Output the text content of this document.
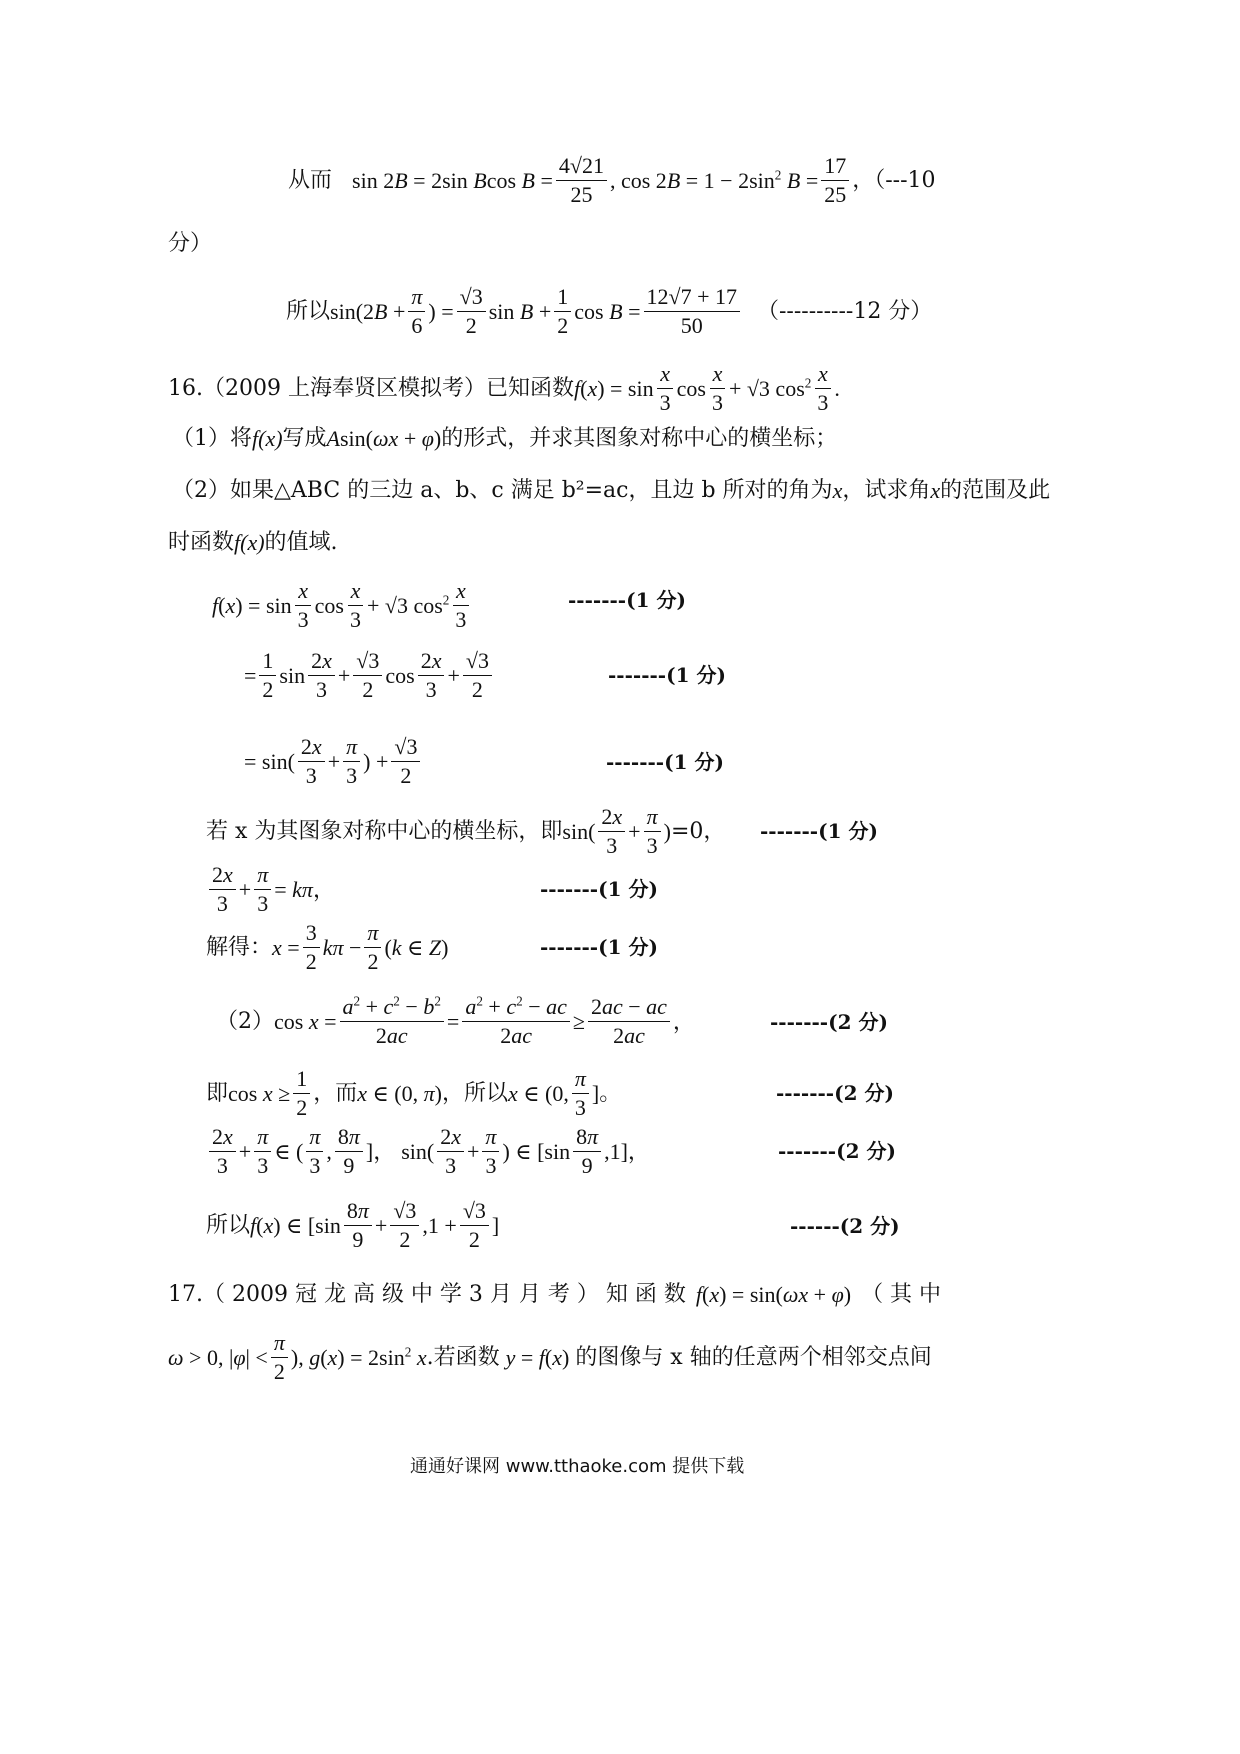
从而 sin 2B = 2sin Bcos $B = \frac{4√21}{25}$ , $\cos 2B = 1 - 2\sin^2$ $B = \frac{17}{25}$ ，（---10
分）
所以 $\sin(2B + \frac{\pi}{6}$ ) = $\frac{√3}{2}$ $\sin B + \frac{1}{2}$ $\cos B = \frac{12√7 + 17}{50} (----------12$ 分）
16.（2009 上海奉贤区模拟考）已知函数 $f(x) = \sin \frac{x}{3}$ $\cos \frac{x}{3} + √3$ $\cos^2 \frac{x}{3}$ .
（1）将 f(x) 写成 Asin(ωx + φ) 的形式，并求其图象对称中心的横坐标；
（2）如果△ABC 的三边 a、b、c 满足 b²=ac，且边 b 所对的角为 x ，试求角 x 的范围及此
时函数 f(x) 的值域.
$f(x) = \sin \frac{x}{3}$ $\cos \frac{x}{3} + √3$ $\cos^2 \frac{x}{3}$	-------(1 分)
= $\frac{1}{2}$ $\sin \frac{2x}{3} + \frac{√3}{2}$ $\cos \frac{2x}{3} + \frac{√3}{2}$	-------(1 分)
= $\sin( \frac{2x}{3} + \frac{\pi}{3}$ ) + $\frac{√3}{2}$	-------(1 分)
若 x 为其图象对称中心的横坐标，即 $\sin( \frac{2x}{3} + \frac{\pi}{3}$ ) =0， -------(1 分)
$\frac{2x}{3} + \frac{\pi}{3} = k\pi$，	-------(1 分)
解得： $x = \frac{3}{2}$ $k\pi - \frac{\pi}{2} (k$ ∈ Z)	-------(1 分)
（2） $\cos x = \frac{a^2 + c^2 - b^2}{2ac} = \frac{a^2 + c^2 - ac}{2ac} \ge \frac{2ac - ac}{2ac}$ ，	-------(2 分)
即 $\cos x \ge \frac{1}{2}$ ，而 x ∈ (0, π) ，所以 x ∈ (0, $\frac{\pi}{3}$ ] 。	-------(2 分)
$\frac{2x}{3} + \frac{\pi}{3}$ ∈ ( $\frac{\pi}{3}$ , $\frac{8\pi}{9}$ ]， $\sin( \frac{2x}{3} + \frac{\pi}{3}$ ) ∈ $[\sin \frac{8\pi}{9} ,1]$，	-------(2 分)
所以 f(x) ∈ [$\sin \frac{8\pi}{9} + \frac{√3}{2} ,1 + \frac{√3}{2}$ ]	------(2 分)
17.（ 2009 冠 龙 高 级 中 学 3 月 月 考 ） 知 函 数 f(x) = sin(ωx + φ) （ 其 中
ω > 0, $|\varphi| < \frac{\pi}{2}$ ), $g(x) = 2\sin^2$ x .若函数 y = f(x) 的图像与 x 轴的任意两个相邻交点间
通通好课网 www.tthaoke.com 提供下载
